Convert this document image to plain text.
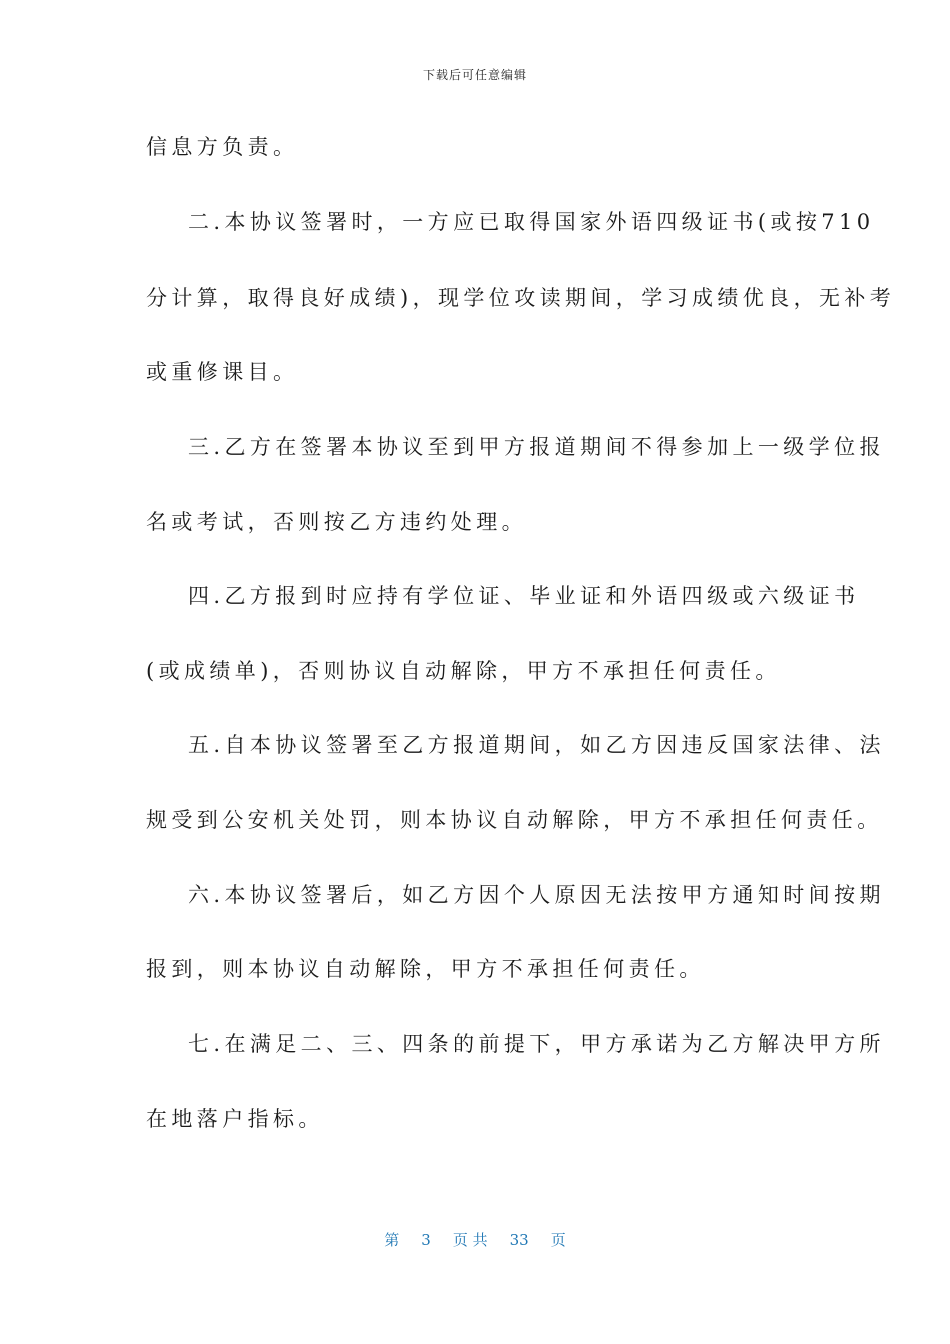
下载后可任意编辑
信息方负责。
二.本协议签署时，一方应已取得国家外语四级证书(或按710
分计算，取得良好成绩)，现学位攻读期间，学习成绩优良，无补考
或重修课目。
三.乙方在签署本协议至到甲方报道期间不得参加上一级学位报
名或考试，否则按乙方违约处理。
四.乙方报到时应持有学位证、毕业证和外语四级或六级证书
(或成绩单)，否则协议自动解除，甲方不承担任何责任。
五.自本协议签署至乙方报道期间，如乙方因违反国家法律、法
规受到公安机关处罚，则本协议自动解除，甲方不承担任何责任。
六.本协议签署后，如乙方因个人原因无法按甲方通知时间按期
报到，则本协议自动解除，甲方不承担任何责任。
七.在满足二、三、四条的前提下，甲方承诺为乙方解决甲方所
在地落户指标。
第 3 页 共 33 页
